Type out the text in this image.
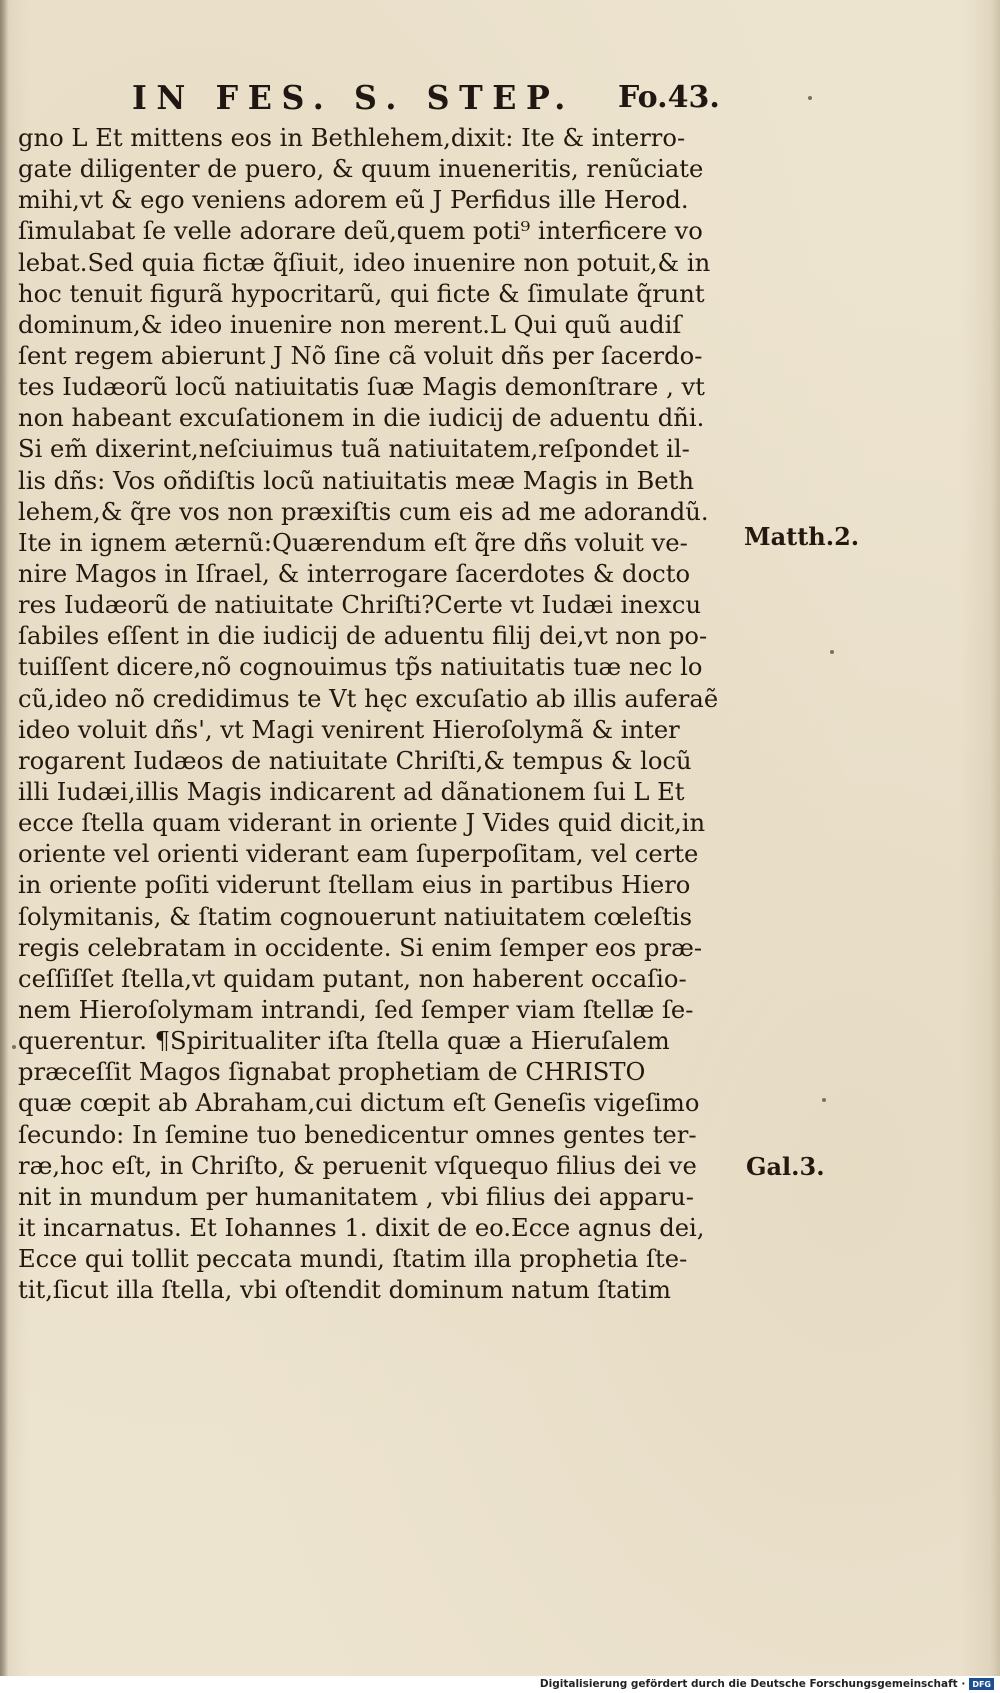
IN FES. S. STEP.	Fo.43.
gno L Et mittens eos in Bethlehem,dixit: Ite & interro-
gate diligenter de puero, & quum inueneritis, renũciate
mihi,vt & ego veniens adorem eũ J Perfidus ille Herod.
ſimulabat ſe velle adorare deũ,quem poti⁹ interficere vo
lebat.Sed quia fictæ q̃ſiuit, ideo inuenire non potuit,& in
hoc tenuit figurã hypocritarũ, qui ficte & ſimulate q̃runt
dominum,& ideo inuenire non merent.L Qui quũ audiſ
ſent regem abierunt J Nõ ſine cã voluit dñs per ſacerdo-
tes Iudæorũ locũ natiuitatis ſuæ Magis demonſtrare , vt
non habeant excuſationem in die iudicij de aduentu dñi.
Si em̃ dixerint,neſciuimus tuã natiuitatem,reſpondet il-
lis dñs: Vos oñdiſtis locũ natiuitatis meæ Magis in Beth
lehem,& q̃re vos non præxiſtis cum eis ad me adorandũ.
Ite in ignem æternũ:Quærendum eſt q̃re dñs voluit ve-
nire Magos in Iſrael, & interrogare ſacerdotes & docto
res Iudæorũ de natiuitate Chriſti?Certe vt Iudæi inexcu
ſabiles eſſent in die iudicij de aduentu filij dei,vt non po-
tuiſſent dicere,nõ cognouimus tp̃s natiuitatis tuæ nec lo
cũ,ideo nõ credidimus te Vt hęc excuſatio ab illis auferaẽ
ideo voluit dñs', vt Magi venirent Hieroſolymã & inter
rogarent Iudæos de natiuitate Chriſti,& tempus & locũ
illi Iudæi,illis Magis indicarent ad dãnationem ſui L Et
ecce ſtella quam viderant in oriente J Vides quid dicit,in
oriente vel orienti viderant eam ſuperpoſitam, vel certe
in oriente poſiti viderunt ſtellam eius in partibus Hiero
ſolymitanis, & ſtatim cognouerunt natiuitatem cœleſtis
regis celebratam in occidente. Si enim ſemper eos præ-
ceſſiſſet ſtella,vt quidam putant, non haberent occaſio-
nem Hieroſolymam intrandi, ſed ſemper viam ſtellæ ſe-
querentur. ¶Spiritualiter iſta ſtella quæ a Hieruſalem
præceſſit Magos ſignabat prophetiam de CHRISTO
quæ cœpit ab Abraham,cui dictum eſt Geneſis vigeſimo
ſecundo: In ſemine tuo benedicentur omnes gentes ter-
ræ,hoc eſt, in Chriſto, & peruenit vſquequo filius dei ve
nit in mundum per humanitatem , vbi filius dei apparu-
it incarnatus. Et Iohannes 1. dixit de eo.Ecce agnus dei,
Ecce qui tollit peccata mundi, ſtatim illa prophetia ſte-
tit,ſicut illa ſtella, vbi oſtendit dominum natum ſtatim
Matth.2.
Gal.3.
Digitalisierung gefördert durch die Deutsche Forschungsgemeinschaft · DFG
